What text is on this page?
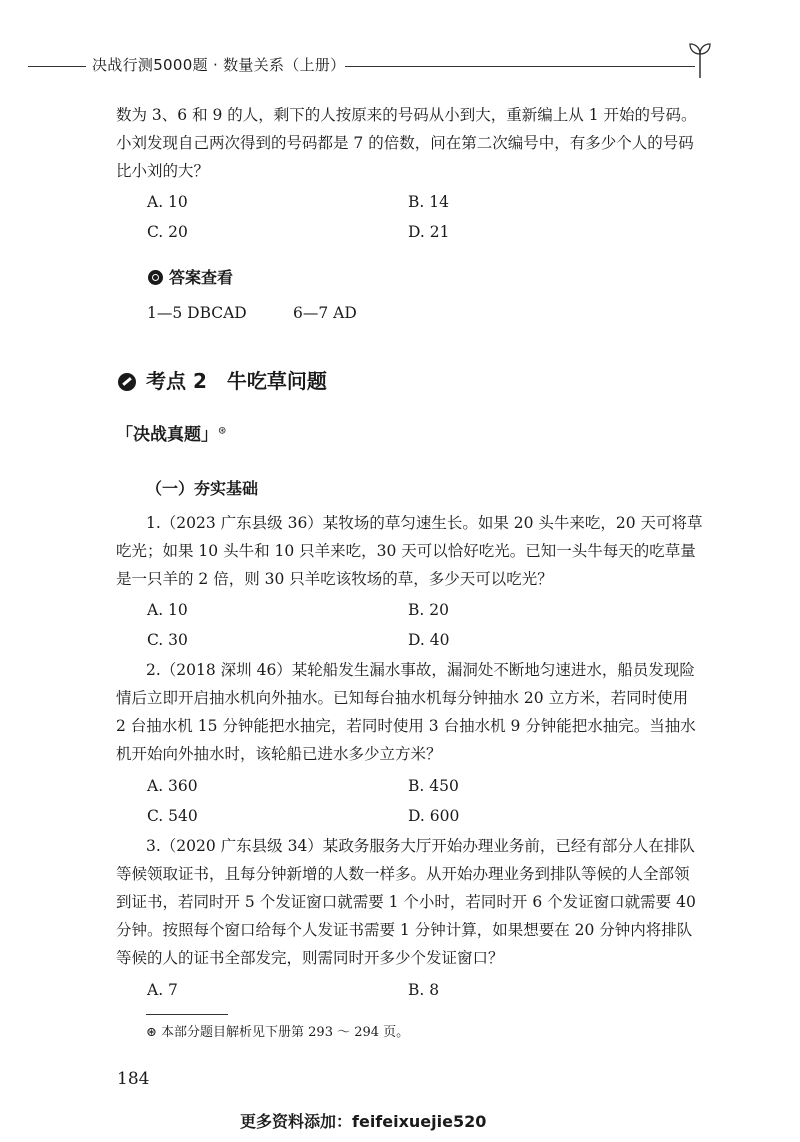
决战行测5000题 · 数量关系（上册）
数为 3、6 和 9 的人，剩下的人按原来的号码从小到大，重新编上从 1 开始的号码。
小刘发现自己两次得到的号码都是 7 的倍数，问在第二次编号中，有多少个人的号码
比小刘的大？
A. 10	B. 14
C. 20	D. 21
答案查看
1—5 DBCAD	6—7 AD
考点 2　牛吃草问题
「决战真题」⊛
（一）夯实基础
1.（2023 广东县级 36）某牧场的草匀速生长。如果 20 头牛来吃，20 天可将草
吃光；如果 10 头牛和 10 只羊来吃，30 天可以恰好吃光。已知一头牛每天的吃草量
是一只羊的 2 倍，则 30 只羊吃该牧场的草，多少天可以吃光？
A. 10	B. 20
C. 30	D. 40
2.（2018 深圳 46）某轮船发生漏水事故，漏洞处不断地匀速进水，船员发现险
情后立即开启抽水机向外抽水。已知每台抽水机每分钟抽水 20 立方米，若同时使用
2 台抽水机 15 分钟能把水抽完，若同时使用 3 台抽水机 9 分钟能把水抽完。当抽水
机开始向外抽水时，该轮船已进水多少立方米？
A. 360	B. 450
C. 540	D. 600
3.（2020 广东县级 34）某政务服务大厅开始办理业务前，已经有部分人在排队
等候领取证书，且每分钟新增的人数一样多。从开始办理业务到排队等候的人全部领
到证书，若同时开 5 个发证窗口就需要 1 个小时，若同时开 6 个发证窗口就需要 40
分钟。按照每个窗口给每个人发证书需要 1 分钟计算，如果想要在 20 分钟内将排队
等候的人的证书全部发完，则需同时开多少个发证窗口？
A. 7	B. 8
⊛ 本部分题目解析见下册第 293 ～ 294 页。
184
更多资料添加：feifeixuejie520
